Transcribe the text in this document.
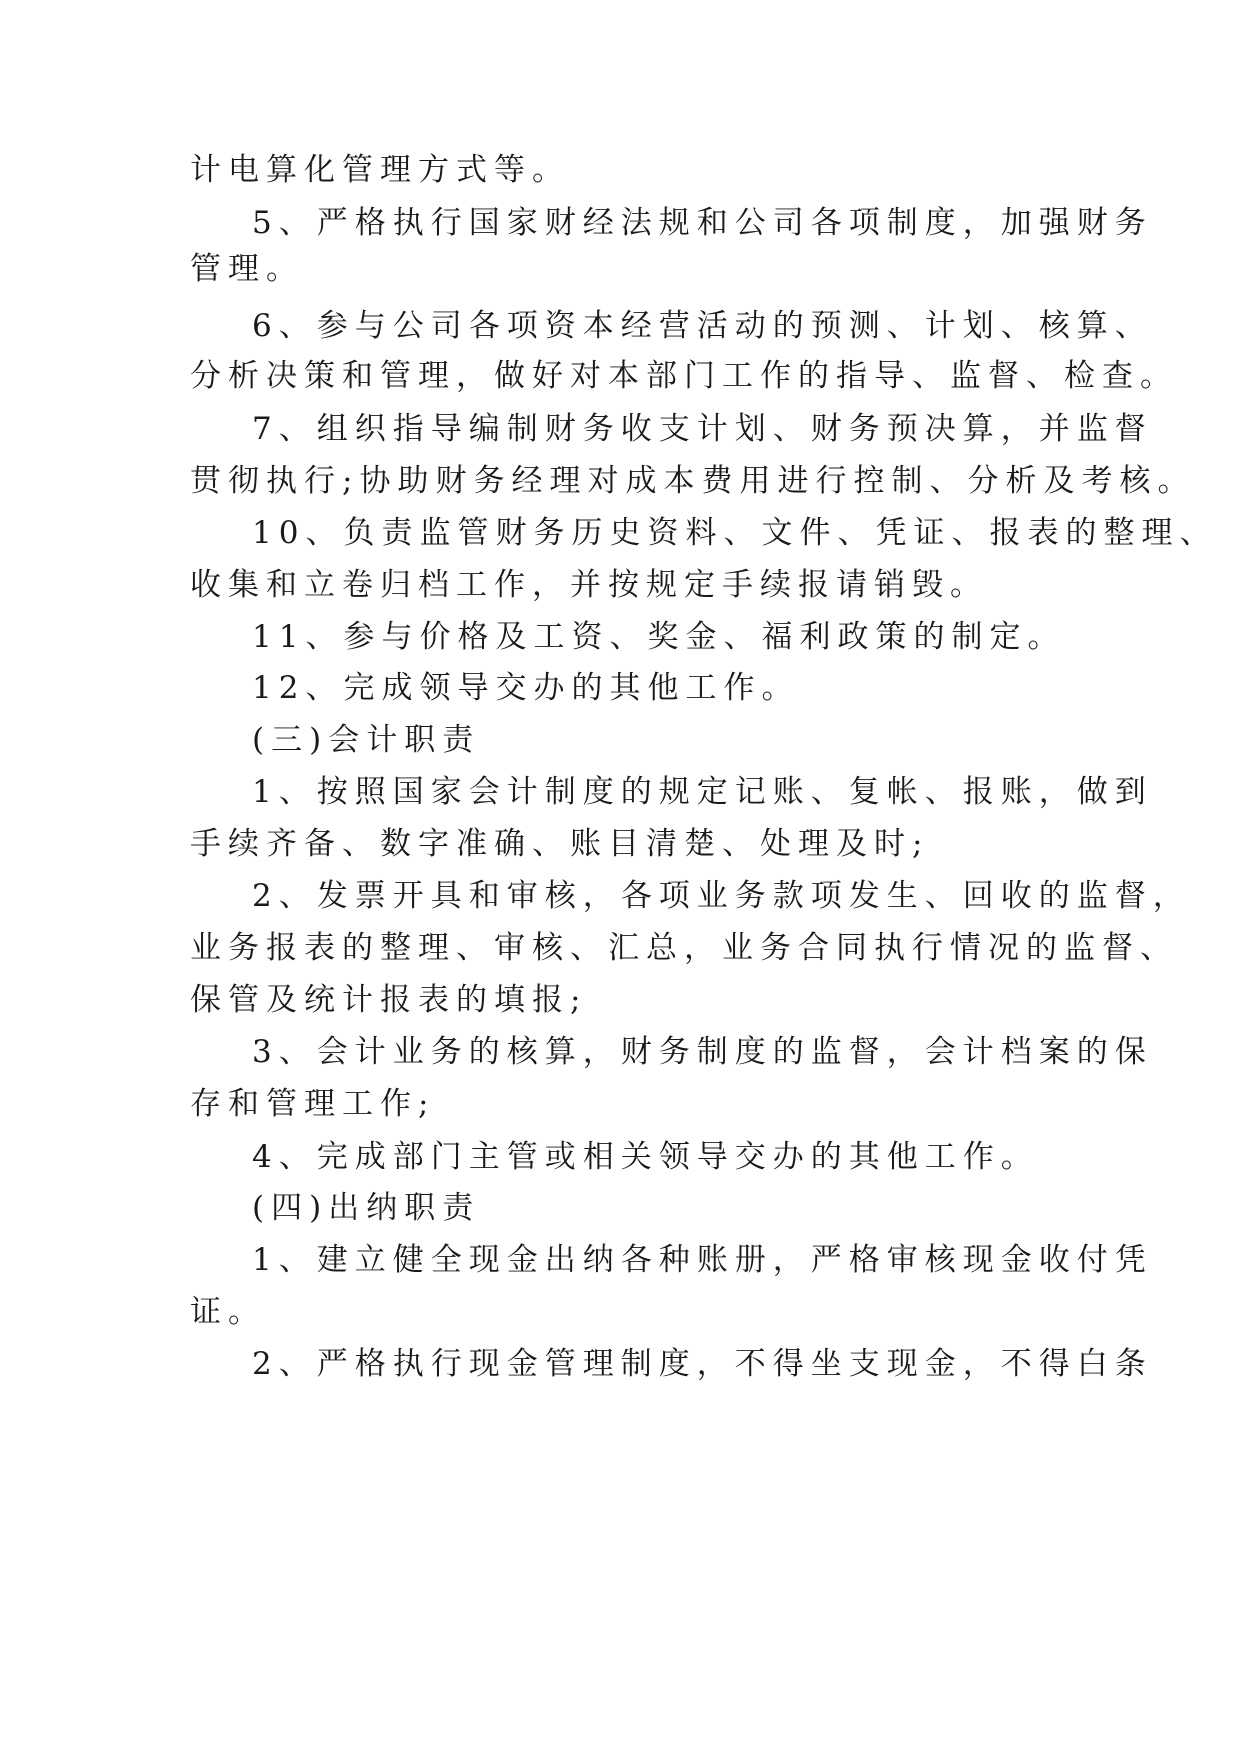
计电算化管理方式等。
5、严格执行国家财经法规和公司各项制度，加强财务
管理。
6、参与公司各项资本经营活动的预测、计划、核算、
分析决策和管理，做好对本部门工作的指导、监督、检查。
7、组织指导编制财务收支计划、财务预决算，并监督
贯彻执行;协助财务经理对成本费用进行控制、分析及考核。
10、负责监管财务历史资料、文件、凭证、报表的整理、
收集和立卷归档工作，并按规定手续报请销毁。
11、参与价格及工资、奖金、福利政策的制定。
12、完成领导交办的其他工作。
(三)会计职责
1、按照国家会计制度的规定记账、复帐、报账，做到
手续齐备、数字准确、账目清楚、处理及时;
2、发票开具和审核，各项业务款项发生、回收的监督，
业务报表的整理、审核、汇总，业务合同执行情况的监督、
保管及统计报表的填报;
3、会计业务的核算，财务制度的监督，会计档案的保
存和管理工作;
4、完成部门主管或相关领导交办的其他工作。
(四)出纳职责
1、建立健全现金出纳各种账册，严格审核现金收付凭
证。
2、严格执行现金管理制度，不得坐支现金，不得白条
